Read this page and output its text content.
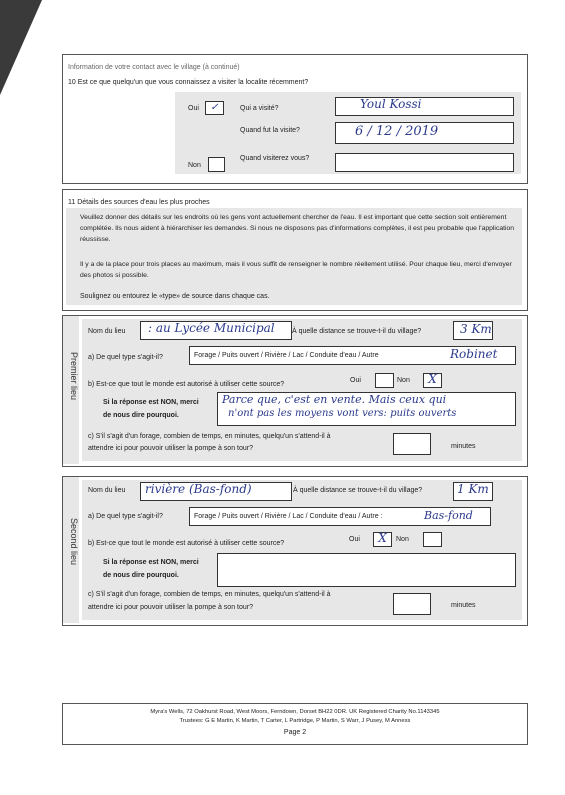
Information de votre contact avec le village (à continué)
10 Est ce que quelqu'un que vous connaissez a visiter la localite récemment?
Oui	✓	Qui a visité?	Youl Kossi
Quand fut la visite?	6 / 12 / 2019
Non
Quand visiterez vous?
11 Détails des sources d'eau les plus proches
Veuillez donner des détails sur les endroits où les gens vont actuellement chercher de l'eau. Il est important que cette section soit entièrement complétée. Ils nous aident à hiérarchiser les demandes. Si nous ne disposons pas d'informations complètes, il est peu probable que l'application réussisse.
Il y a de la place pour trois places au maximum, mais il vous suffit de renseigner le nombre réellement utilisé. Pour chaque lieu, merci d'envoyer des photos si possible.
Soulignez ou entourez le «type» de source dans chaque cas.
Premier lieu
Nom du lieu : au Lycée Municipal À quelle distance se trouve-t-il du village?	3 Km
a) De quel type s'agit-il?	Forage / Puits ouvert / Rivière / Lac / Conduite d'eau / Autre	Robinet
b) Est-ce que tout le monde est autorisé à utiliser cette source?
Oui	Non	X
Si la réponse est NON, merci
de nous dire pourquoi.
Parce que, c'est en vente. Mais ceux qui
n'ont pas les moyens vont vers: puits ouverts
c) S'il s'agit d'un forage, combien de temps, en minutes, quelqu'un s'attend-il à
attendre ici pour pouvoir utiliser la pompe à son tour?	minutes
Second lieu
Nom du lieu rivière (Bas-fond)	À quelle distance se trouve-t-il du village?	1 Km
a) De quel type s'agit-il?	Forage / Puits ouvert / Rivière / Lac / Conduite d'eau / Autre :	Bas-fond
b) Est-ce que tout le monde est autorisé à utiliser cette source?
Oui	X	Non
Si la réponse est NON, merci
de nous dire pourquoi.
c) S'il s'agit d'un forage, combien de temps, en minutes, quelqu'un s'attend-il à
attendre ici pour pouvoir utiliser la pompe à son tour?	minutes
Myra's Wells, 72 Oakhurst Road, West Moors, Ferndown, Dorset BH22 0DR. UK Registered Charity No.1143345
Trustees: G E Martin, K Martin, T Carter, L Partridge, P Martin, S Warr, J Pusey, M Anness
Page 2
